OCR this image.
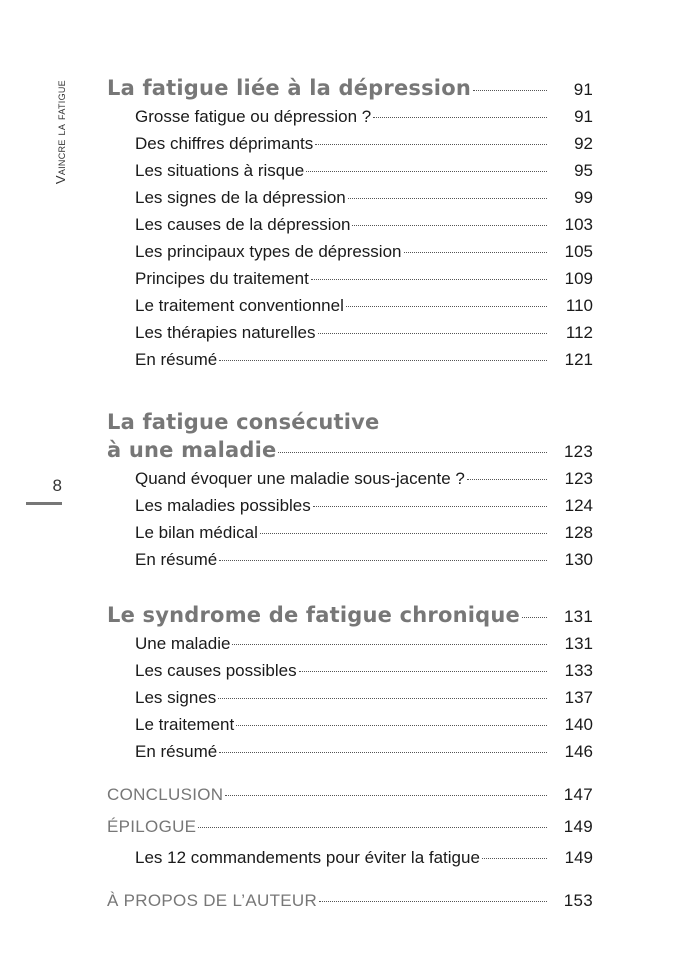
Vaincre la fatigue
8
La fatigue liée à la dépression	91
Grosse fatigue ou dépression ?	91
Des chiffres déprimants	92
Les situations à risque	95
Les signes de la dépression	99
Les causes de la dépression	103
Les principaux types de dépression	105
Principes du traitement	109
Le traitement conventionnel	110
Les thérapies naturelles	112
En résumé	121
La fatigue consécutive
à une maladie	123
Quand évoquer une maladie sous-jacente ?	123
Les maladies possibles	124
Le bilan médical	128
En résumé	130
Le syndrome de fatigue chronique	131
Une maladie	131
Les causes possibles	133
Les signes	137
Le traitement	140
En résumé	146
CONCLUSION	147
ÉPILOGUE	149
Les 12 commandements pour éviter la fatigue	149
À PROPOS DE L’AUTEUR	153
